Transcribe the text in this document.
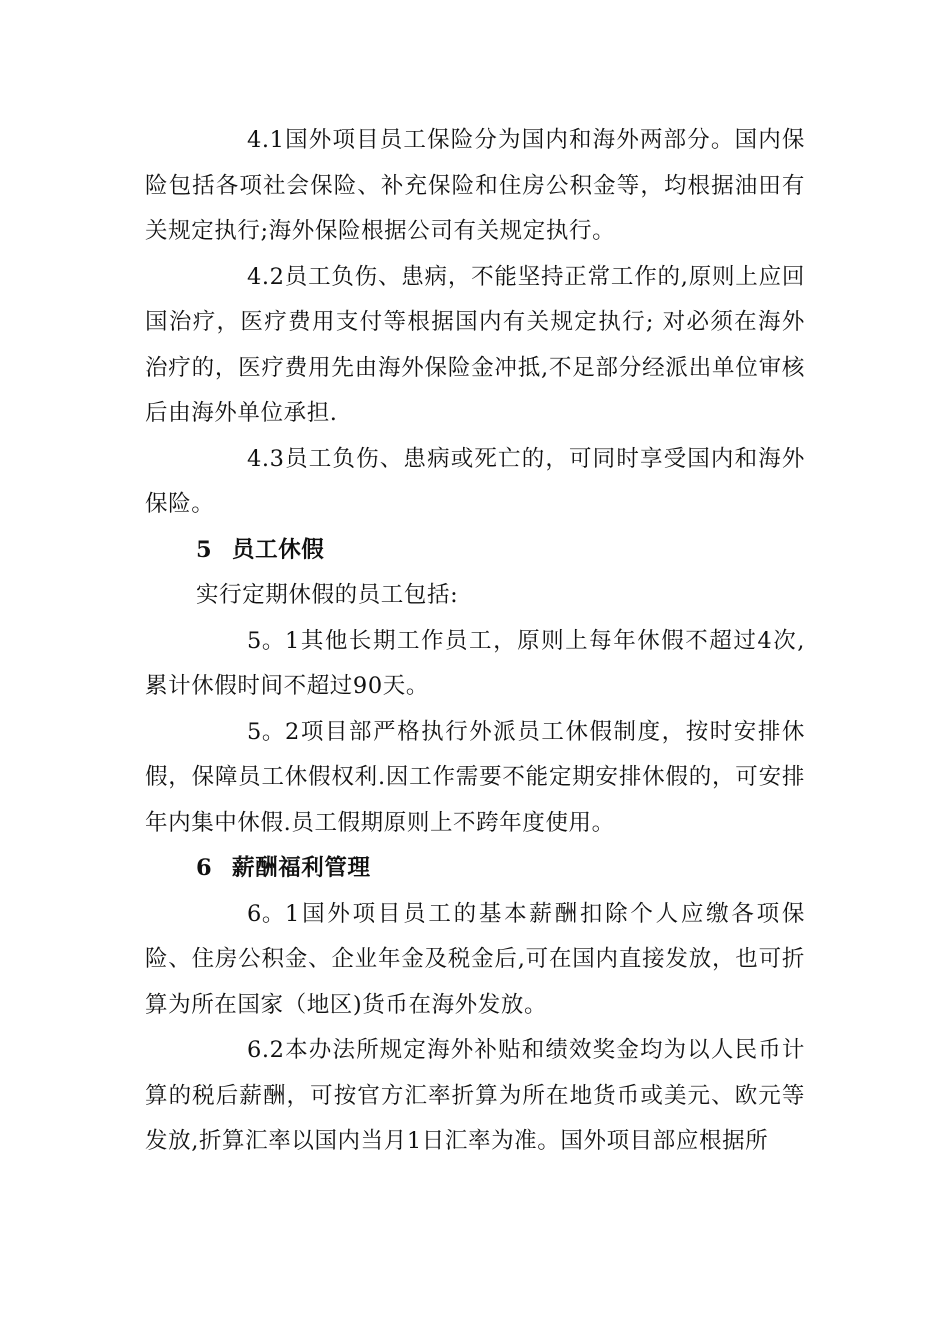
4.1国外项目员工保险分为国内和海外两部分。国内保险包括各项社会保险、补充保险和住房公积金等，均根据油田有关规定执行;海外保险根据公司有关规定执行。

4.2员工负伤、患病，不能坚持正常工作的,原则上应回国治疗，医疗费用支付等根据国内有关规定执行; 对必须在海外治疗的，医疗费用先由海外保险金冲抵,不足部分经派出单位审核后由海外单位承担.

4.3员工负伤、患病或死亡的，可同时享受国内和海外保险。

5 员工休假

实行定期休假的员工包括:

5。1其他长期工作员工，原则上每年休假不超过4次,累计休假时间不超过90天。

5。2项目部严格执行外派员工休假制度，按时安排休假，保障员工休假权利.因工作需要不能定期安排休假的，可安排年内集中休假.员工假期原则上不跨年度使用。

6 薪酬福利管理

6。1国外项目员工的基本薪酬扣除个人应缴各项保险、住房公积金、企业年金及税金后,可在国内直接发放，也可折算为所在国家（地区)货币在海外发放。

6.2本办法所规定海外补贴和绩效奖金均为以人民币计算的税后薪酬，可按官方汇率折算为所在地货币或美元、欧元等发放,折算汇率以国内当月1日汇率为准。国外项目部应根据所
